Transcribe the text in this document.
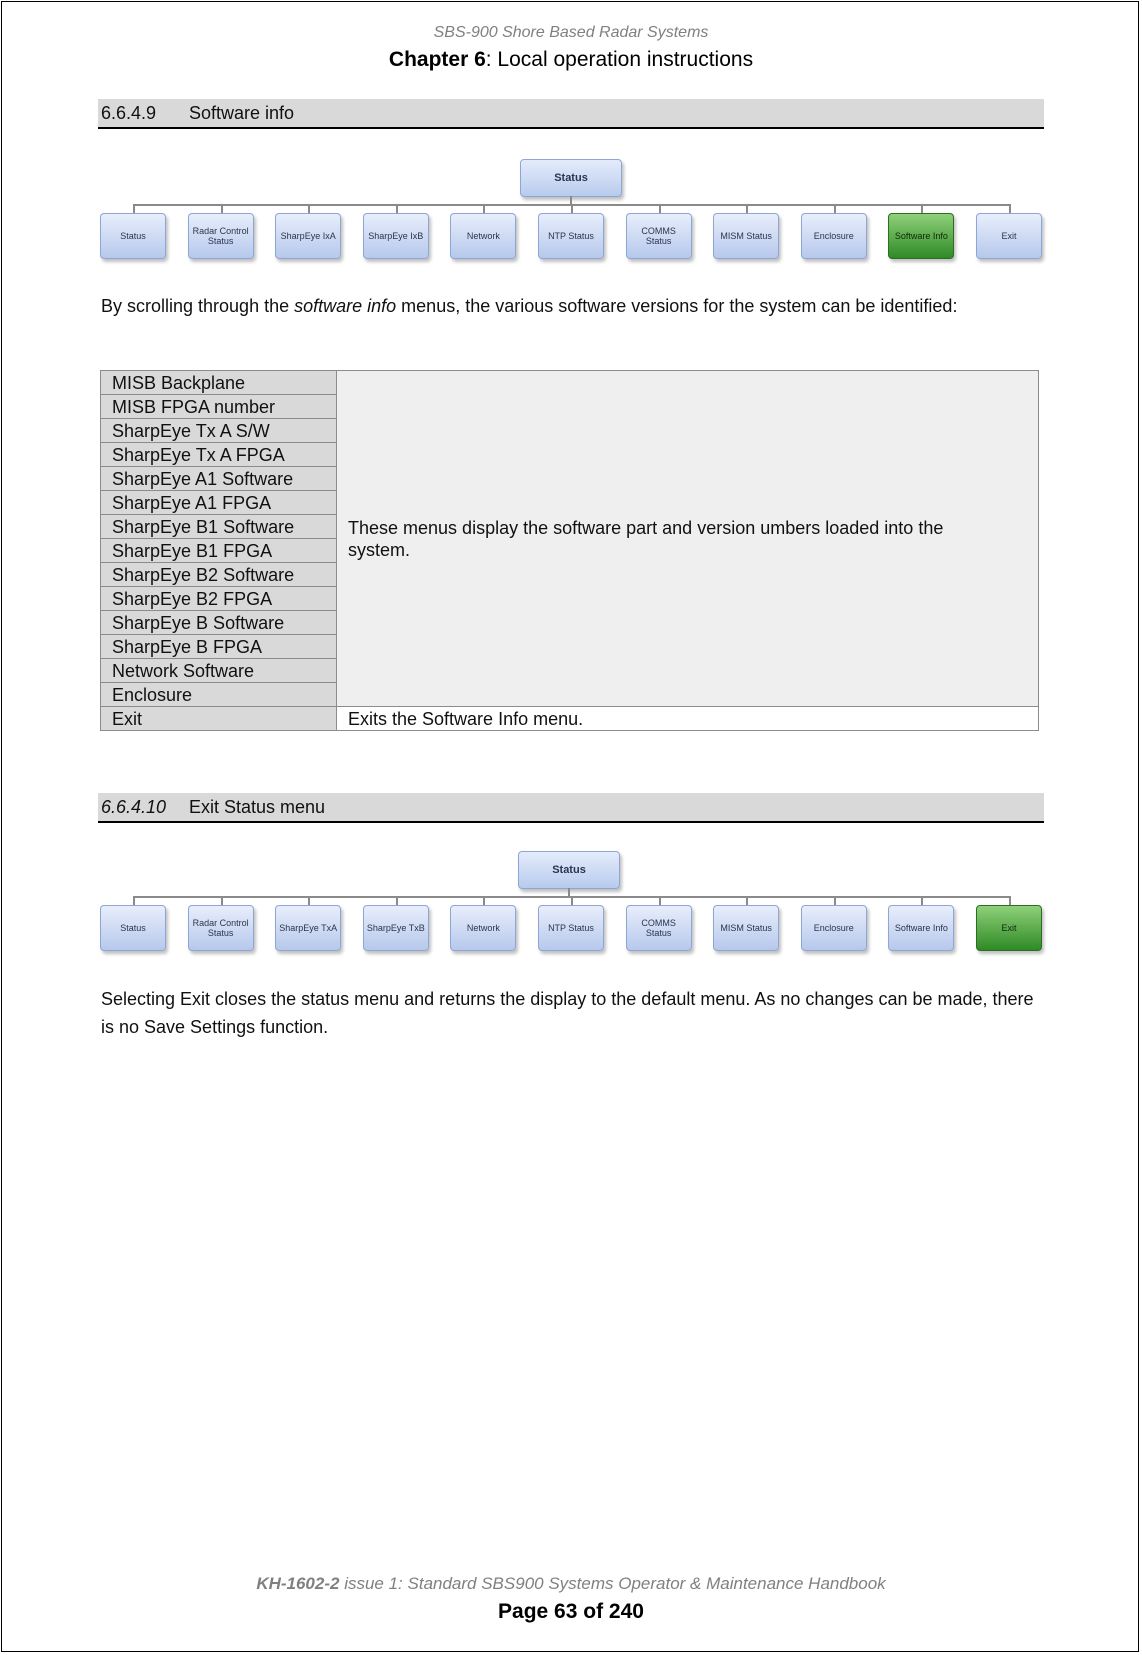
SBS-900 Shore Based Radar Systems
Chapter 6: Local operation instructions
6.6.4.9 Software info
Status
Status	Radar Control Status	SharpEye IxA	SharpEye IxB	Network	NTP Status	COMMS Status	MISM Status	Enclosure	Software Info	Exit
By scrolling through the software info menus, the various software versions for the system can be identified:
MISB Backplane	These menus display the software part and version umbers loaded into the system.
MISB FPGA number	
SharpEye Tx A S/W	
SharpEye Tx A FPGA	
SharpEye A1 Software	
SharpEye A1 FPGA	
SharpEye B1 Software	
SharpEye B1 FPGA	
SharpEye B2 Software	
SharpEye B2 FPGA	
SharpEye B Software	
SharpEye B FPGA	
Network Software	
Enclosure	
Exit	Exits the Software Info menu.
6.6.4.10 Exit Status menu
Status
Status	Radar Control Status	SharpEye TxA	SharpEye TxB	Network	NTP Status	COMMS Status	MISM Status	Enclosure	Software Info	Exit
Selecting Exit closes the status menu and returns the display to the default menu. As no changes can be made, there is no Save Settings function.
KH-1602-2 issue 1: Standard SBS900 Systems Operator & Maintenance Handbook
Page 63 of 240
